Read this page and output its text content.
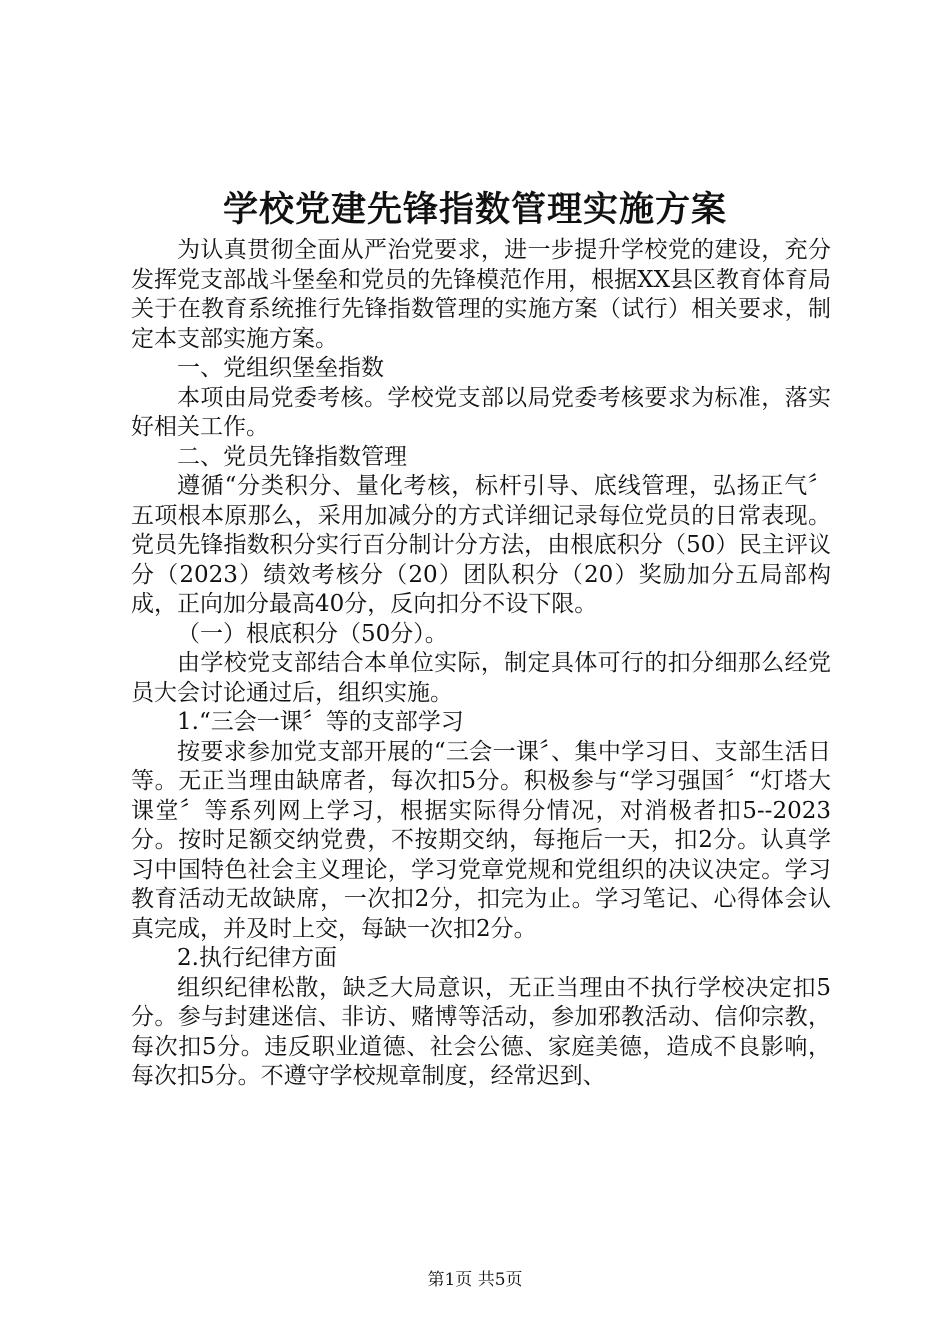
学校党建先锋指数管理实施方案

为认真贯彻全面从严治党要求，进一步提升学校党的建设，充分发挥党支部战斗堡垒和党员的先锋模范作用，根据XX县区教育体育局关于在教育系统推行先锋指数管理的实施方案（试行）相关要求，制定本支部实施方案。

一、党组织堡垒指数

本项由局党委考核。学校党支部以局党委考核要求为标准，落实好相关工作。

二、党员先锋指数管理

遵循“分类积分、量化考核，标杆引导、底线管理，弘扬正气〞五项根本原那么，采用加减分的方式详细记录每位党员的日常表现。党员先锋指数积分实行百分制计分方法，由根底积分（50）民主评议分（2023）绩效考核分（20）团队积分（20）奖励加分五局部构成，正向加分最高40分，反向扣分不设下限。

（一）根底积分（50分）。

由学校党支部结合本单位实际，制定具体可行的扣分细那么经党员大会讨论通过后，组织实施。

1.“三会一课〞等的支部学习

按要求参加党支部开展的“三会一课〞、集中学习日、支部生活日等。无正当理由缺席者，每次扣5分。积极参与“学习强国〞“灯塔大课堂〞等系列网上学习，根据实际得分情况，对消极者扣5--2023分。按时足额交纳党费，不按期交纳，每拖后一天，扣2分。认真学习中国特色社会主义理论，学习党章党规和党组织的决议决定。学习教育活动无故缺席，一次扣2分，扣完为止。学习笔记、心得体会认真完成，并及时上交，每缺一次扣2分。

2.执行纪律方面

组织纪律松散，缺乏大局意识，无正当理由不执行学校决定扣5分。参与封建迷信、非访、赌博等活动，参加邪教活动、信仰宗教，每次扣5分。违反职业道德、社会公德、家庭美德，造成不良影响，每次扣5分。不遵守学校规章制度，经常迟到、

第1页 共5页
